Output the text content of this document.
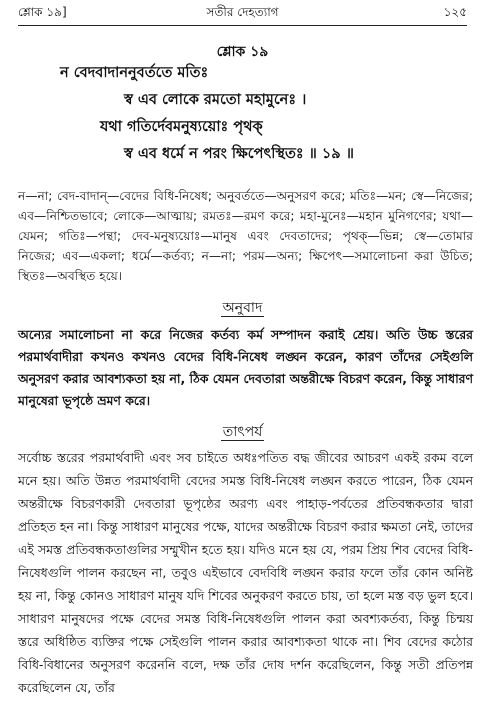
শ্লোক ১৯]	সতীর দেহত্যাগ	১২৫
শ্লোক ১৯
ন বেদবাদাননুবর্ততে মতিঃ
স্ব এব লোকে রমতো মহামুনেঃ ।
যথা গতির্দেবমনুষ্যয়োঃ পৃথক্
স্ব এব ধর্মে ন পরং ক্ষিপেৎস্থিতঃ ॥ ১৯ ॥

ন—না; বেদ-বাদান্—বেদের বিধি-নিষেধ; অনুবর্ততে—অনুসরণ করে; মতিঃ—মন; স্বে—নিজের; এব—নিশ্চিতভাবে; লোকে—আত্মায়; রমতঃ—রমণ করে; মহা-মুনেঃ—মহান মুনিগণের; যথা—যেমন; গতিঃ—পন্থা; দেব-মনুষ্যয়োঃ—মানুষ এবং দেবতাদের; পৃথক্—ভিন্ন; স্বে—তোমার নিজের; এব—একলা; ধর্মে—কর্তব্য; ন—না; পরম—অন্য; ক্ষিপেৎ—সমালোচনা করা উচিত; স্থিতঃ—অবস্থিত হয়ে।

অনুবাদ

অন্যের সমালোচনা না করে নিজের কর্তব্য কর্ম সম্পাদন করাই শ্রেয়। অতি উচ্চ স্তরের পরমার্থবাদীরা কখনও কখনও বেদের বিধি-নিষেধ লঙ্ঘন করেন, কারণ তাঁদের সেইগুলি অনুসরণ করার আবশ্যকতা হয় না, ঠিক যেমন দেবতারা অন্তরীক্ষে বিচরণ করেন, কিন্তু সাধারণ মানুষেরা ভূপৃষ্ঠে ভ্রমণ করে।

তাৎপর্য

সর্বোচ্চ স্তরের পরমার্থবাদী এবং সব চাইতে অধঃপতিত বদ্ধ জীবের আচরণ একই রকম বলে মনে হয়। অতি উন্নত পরমার্থবাদী বেদের সমস্ত বিধি-নিষেধ লঙ্ঘন করতে পারেন, ঠিক যেমন অন্তরীক্ষে বিচরণকারী দেবতারা ভূপৃষ্ঠের অরণ্য এবং পাহাড়-পর্বতের প্রতিবন্ধকতার দ্বারা প্রতিহত হন না। কিন্তু সাধারণ মানুষের পক্ষে, যাদের অন্তরীক্ষে বিচরণ করার ক্ষমতা নেই, তাদের এই সমস্ত প্রতিবন্ধকতাগুলির সম্মুখীন হতে হয়। যদিও মনে হয় যে, পরম প্রিয় শিব বেদের বিধি-নিষেধগুলি পালন করছেন না, তবুও এইভাবে বেদবিধি লঙ্ঘন করার ফলে তাঁর কোন অনিষ্ট হয় না, কিন্তু কোনও সাধারণ মানুষ যদি শিবের অনুকরণ করতে চায়, তা হলে মস্ত বড় ভুল হবে। সাধারণ মানুষদের পক্ষে বেদের সমস্ত বিধি-নিষেধগুলি পালন করা অবশ্যকর্তব্য, কিন্তু চিন্ময় স্তরে অধিষ্ঠিত ব্যক্তির পক্ষে সেইগুলি পালন করার আবশ্যকতা থাকে না। শিব বেদের কঠোর বিধি-বিধানের অনুসরণ করেননি বলে, দক্ষ তাঁর দোষ দর্শন করেছিলেন, কিন্তু সতী প্রতিপন্ন করেছিলেন যে, তাঁর
